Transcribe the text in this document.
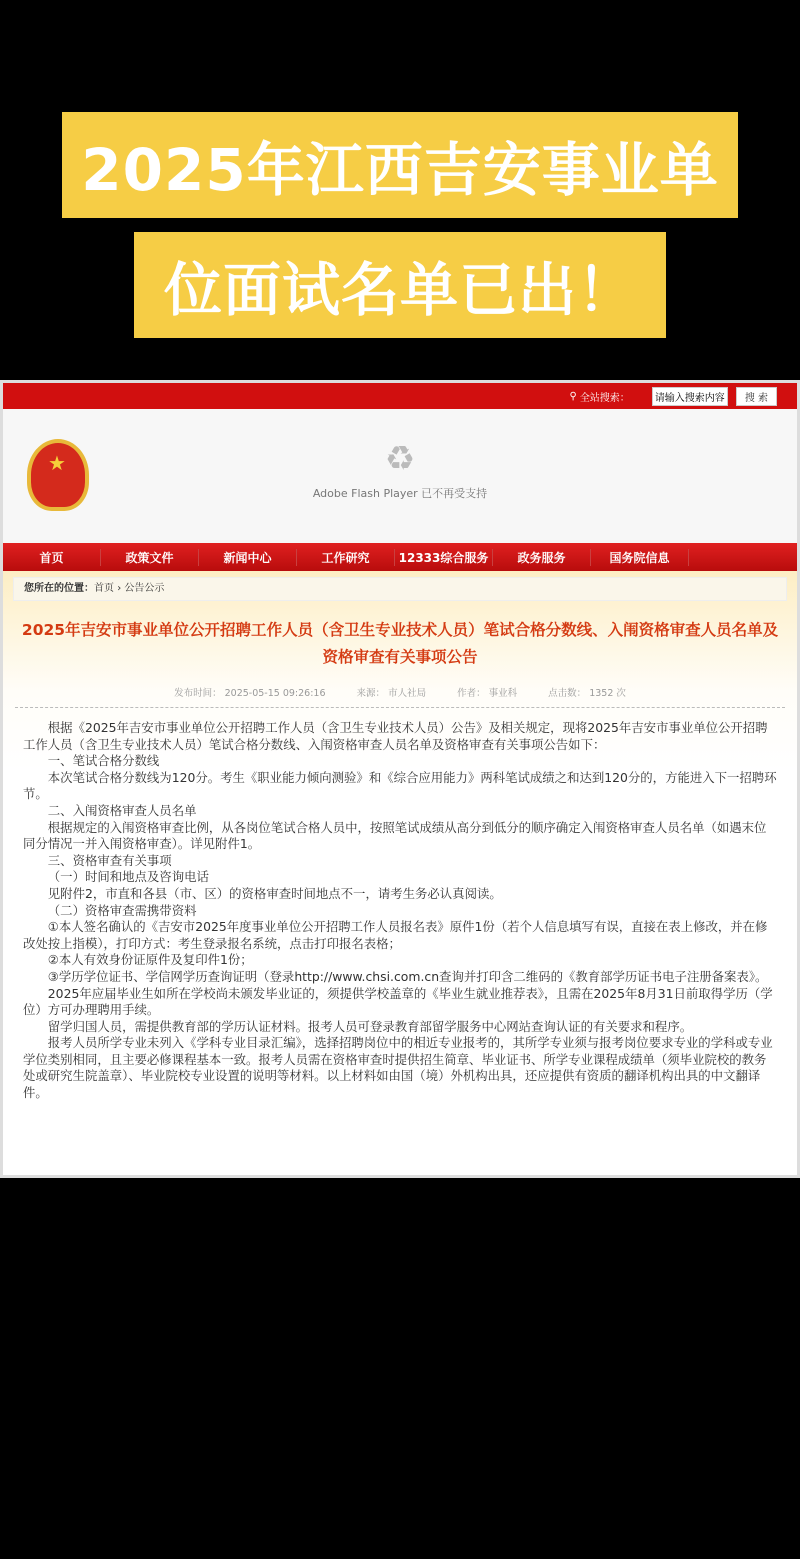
2025年江西吉安事业单
位面试名单已出！
⚲ 全站搜索：	请输入搜索内容	搜 索
★	♻
Adobe Flash Player 已不再受支持
首页	政策文件	新闻中心	工作研究	12333综合服务	政务服务	国务院信息
您所在的位置：首页 › 公告公示
2025年吉安市事业单位公开招聘工作人员（含卫生专业技术人员）笔试合格分数线、入闱资格审查人员名单及资格审查有关事项公告
发布时间： 2025-05-15 09:26:16	来源： 市人社局	作者： 事业科	点击数： 1352 次

根据《2025年吉安市事业单位公开招聘工作人员（含卫生专业技术人员）公告》及相关规定，现将2025年吉安市事业单位公开招聘工作人员（含卫生专业技术人员）笔试合格分数线、入闱资格审查人员名单及资格审查有关事项公告如下：

一、笔试合格分数线

本次笔试合格分数线为120分。考生《职业能力倾向测验》和《综合应用能力》两科笔试成绩之和达到120分的，方能进入下一招聘环节。

二、入闱资格审查人员名单

根据规定的入闱资格审查比例，从各岗位笔试合格人员中，按照笔试成绩从高分到低分的顺序确定入闱资格审查人员名单（如遇末位同分情况一并入闱资格审查）。详见附件1。

三、资格审查有关事项

（一）时间和地点及咨询电话

见附件2，市直和各县（市、区）的资格审查时间地点不一，请考生务必认真阅读。

（二）资格审查需携带资料

①本人签名确认的《吉安市2025年度事业单位公开招聘工作人员报名表》原件1份（若个人信息填写有误，直接在表上修改，并在修改处按上指模），打印方式：考生登录报名系统，点击打印报名表格；

②本人有效身份证原件及复印件1份；

③学历学位证书、学信网学历查询证明（登录http://www.chsi.com.cn查询并打印含二维码的《教育部学历证书电子注册备案表》。

2025年应届毕业生如所在学校尚未颁发毕业证的，须提供学校盖章的《毕业生就业推荐表》，且需在2025年8月31日前取得学历（学位）方可办理聘用手续。

留学归国人员，需提供教育部的学历认证材料。报考人员可登录教育部留学服务中心网站查询认证的有关要求和程序。

报考人员所学专业未列入《学科专业目录汇编》，选择招聘岗位中的相近专业报考的，其所学专业须与报考岗位要求专业的学科或专业学位类别相同，且主要必修课程基本一致。报考人员需在资格审查时提供招生简章、毕业证书、所学专业课程成绩单（须毕业院校的教务处或研究生院盖章）、毕业院校专业设置的说明等材料。以上材料如由国（境）外机构出具，还应提供有资质的翻译机构出具的中文翻译件。
